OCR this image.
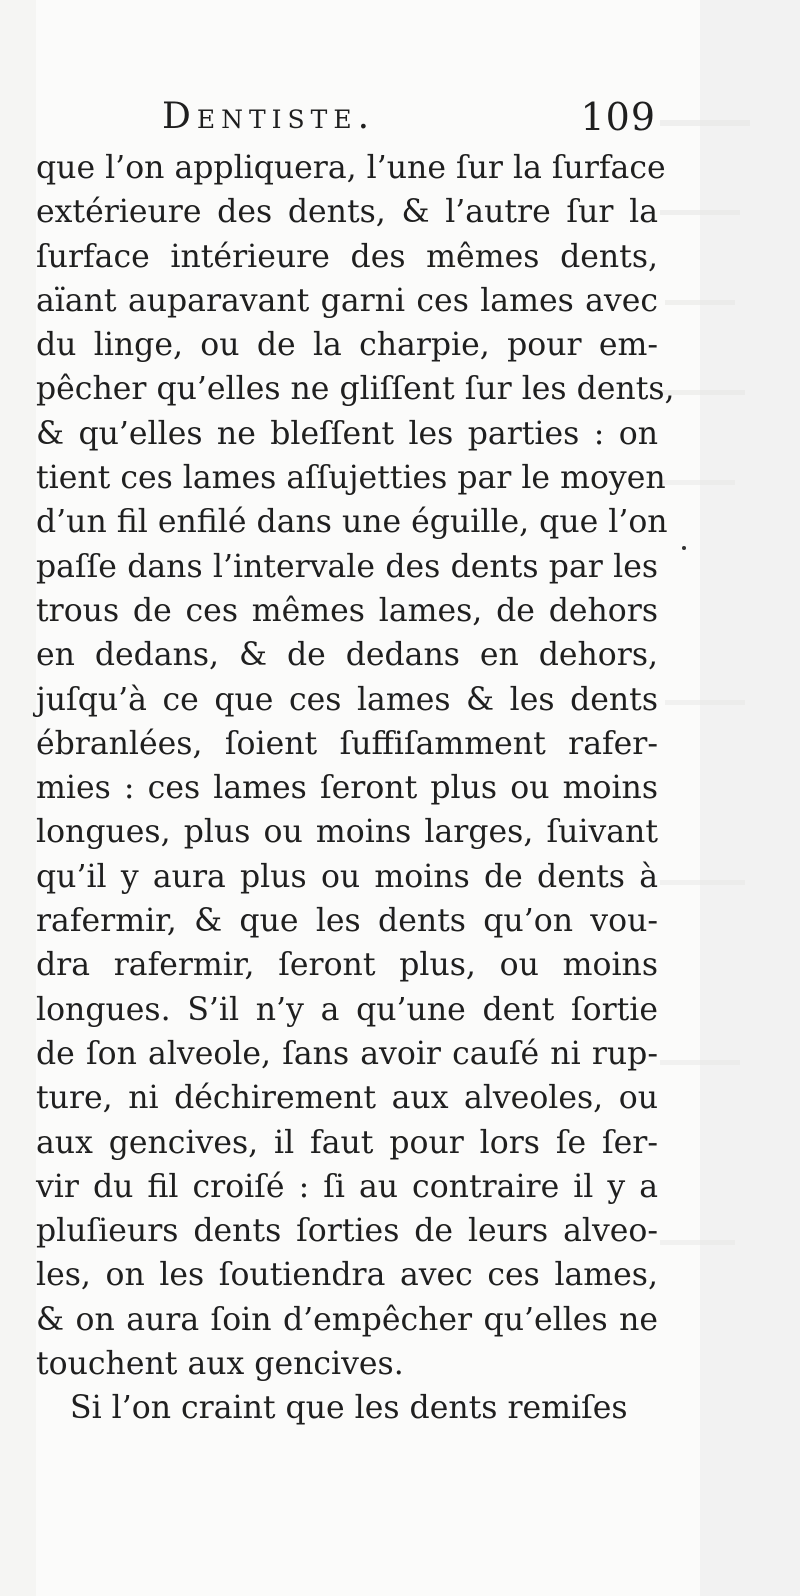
Dentiste.	109
que l’on appliquera, l’une ſur la ſurface
extérieure des dents, & l’autre ſur la
ſurface intérieure des mêmes dents,
aïant auparavant garni ces lames avec
du linge, ou de la charpie, pour em-
pêcher qu’elles ne gliſſent ſur les dents,
& qu’elles ne bleſſent les parties : on
tient ces lames aſſujetties par le moyen
d’un fil enfilé dans une éguille, que l’on
paſſe dans l’intervale des dents par les
trous de ces mêmes lames, de dehors
en dedans, & de dedans en dehors,
juſqu’à ce que ces lames & les dents
ébranlées, ſoient ſuffiſamment rafer-
mies : ces lames ſeront plus ou moins
longues, plus ou moins larges, ſuivant
qu’il y aura plus ou moins de dents à
rafermir, & que les dents qu’on vou-
dra rafermir, ſeront plus, ou moins
longues. S’il n’y a qu’une dent ſortie
de ſon alveole, ſans avoir cauſé ni rup-
ture, ni déchirement aux alveoles, ou
aux gencives, il faut pour lors ſe ſer-
vir du fil croiſé : ſi au contraire il y a
pluſieurs dents ſorties de leurs alveo-
les, on les ſoutiendra avec ces lames,
& on aura ſoin d’empêcher qu’elles ne
touchent aux gencives.
Si l’on craint que les dents remiſes
